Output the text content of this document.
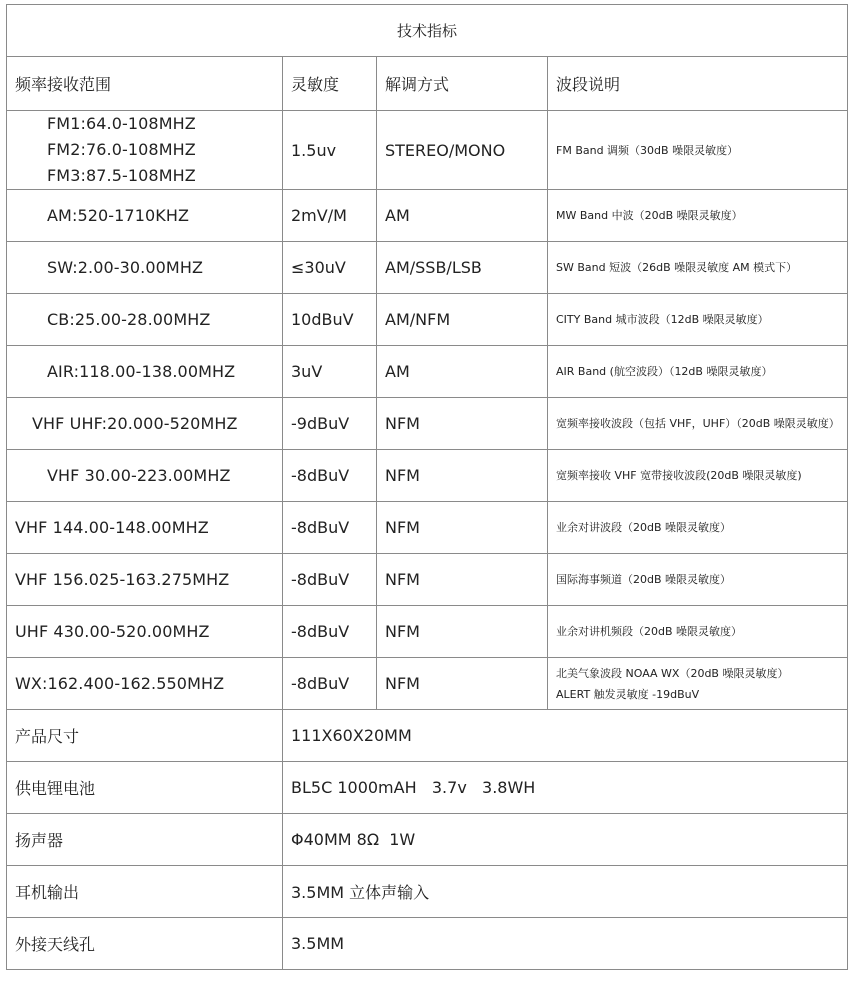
技术指标			
频率接收范围	灵敏度	解调方式	波段说明

FM1:64.0-108MHZ
FM2:76.0-108MHZ
FM3:87.5-108MHZ	1.5uv	STEREO/MONO	FM Band 调频（30dB 噪限灵敏度）
AM:520-1710KHZ	2mV/M	AM	MW Band 中波（20dB 噪限灵敏度）
SW:2.00-30.00MHZ	≤30uV	AM/SSB/LSB	SW Band 短波（26dB 噪限灵敏度 AM 模式下）
CB:25.00-28.00MHZ	10dBuV	AM/NFM	CITY Band 城市波段（12dB 噪限灵敏度）
AIR:118.00-138.00MHZ	3uV	AM	AIR Band (航空波段）（12dB 噪限灵敏度）
VHF UHF:20.000-520MHZ	-9dBuV	NFM	宽频率接收波段（包括 VHF，UHF）（20dB 噪限灵敏度）
VHF 30.00-223.00MHZ	-8dBuV	NFM	宽频率接收 VHF 宽带接收波段(20dB 噪限灵敏度)
VHF 144.00-148.00MHZ	-8dBuV	NFM	业余对讲波段（20dB 噪限灵敏度）
VHF 156.025-163.275MHZ	-8dBuV	NFM	国际海事频道（20dB 噪限灵敏度）
UHF 430.00-520.00MHZ	-8dBuV	NFM	业余对讲机频段（20dB 噪限灵敏度）
WX:162.400-162.550MHZ	-8dBuV	NFM	北美气象波段 NOAA WX（20dB 噪限灵敏度）
ALERT 触发灵敏度 -19dBuV

产品尺寸	111X60X20MM		
供电锂电池	BL5C 1000mAH   3.7v   3.8WH		
扬声器	Φ40MM 8Ω  1W		
耳机输出	3.5MM 立体声输入		
外接天线孔	3.5MM		
